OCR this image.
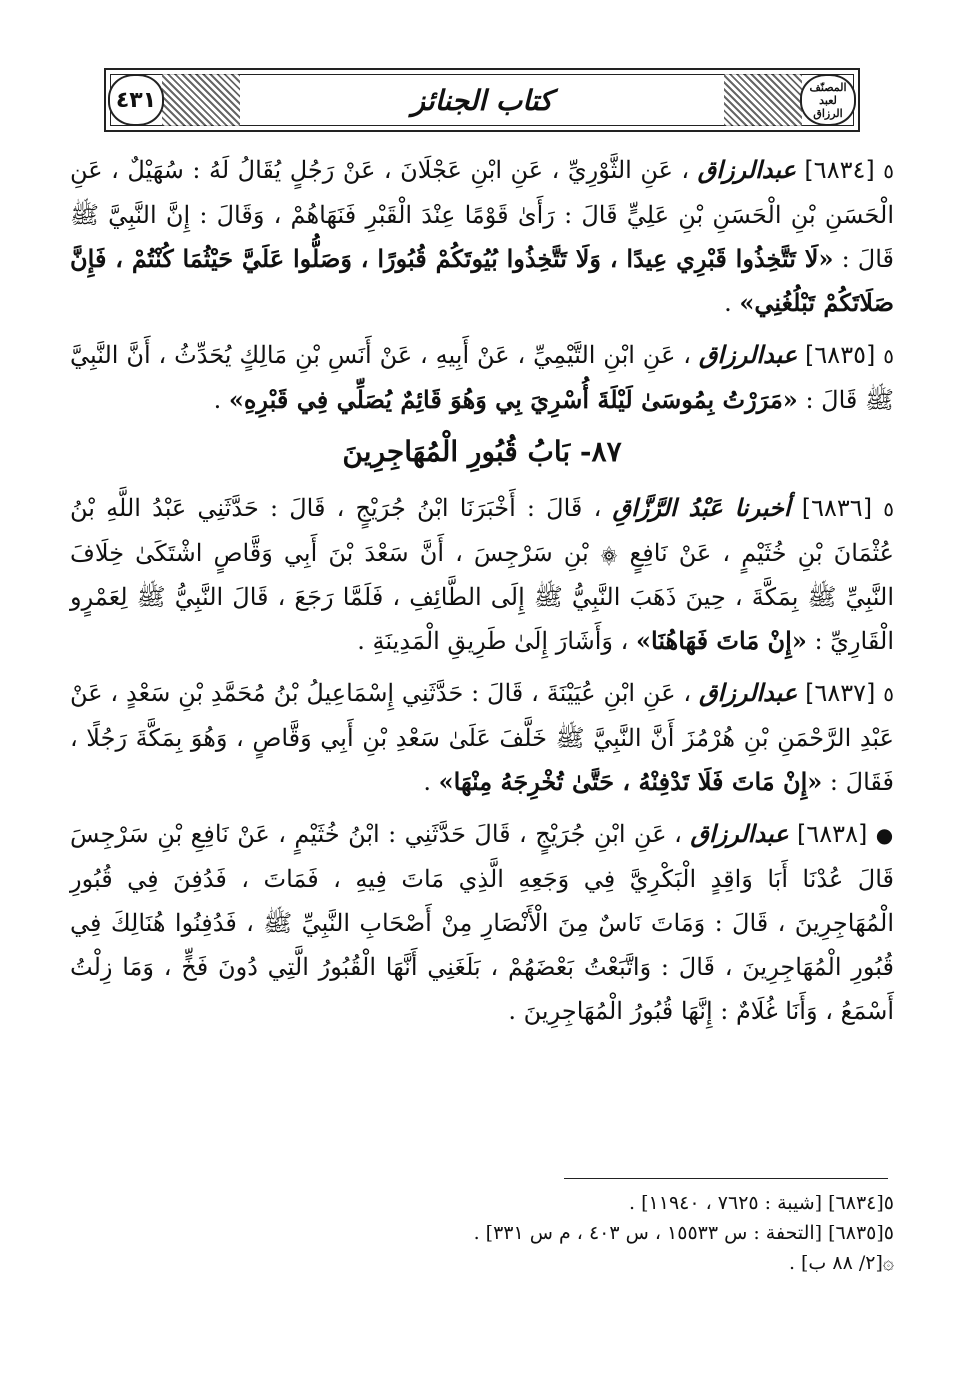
٤٣١
المصنّف لعبد الرزاق
كتاب الجنائز

٥ [٦٨٣٤] عبدالرزاق ، عَنِ الثَّوْرِيِّ ، عَنِ ابْنِ عَجْلَانَ ، عَنْ رَجُلٍ يُقَالُ لَهُ : سُهَيْلٌ ، عَنِ الْحَسَنِ بْنِ الْحَسَنِ بْنِ عَلِيٍّ قَالَ : رَأَىٰ قَوْمًا عِنْدَ الْقَبْرِ فَنَهَاهُمْ ، وَقَالَ : إِنَّ النَّبِيَّ ﷺ قَالَ : «لَا تَتَّخِذُوا قَبْرِي عِيدًا ، وَلَا تَتَّخِذُوا بُيُوتَكُمْ قُبُورًا ، وَصَلُّوا عَلَيَّ حَيْثُمَا كُنْتُمْ ، فَإِنَّ صَلَاتَكُمْ تَبْلُغُنِي» .

٥ [٦٨٣٥] عبدالرزاق ، عَنِ ابْنِ التَّيْمِيِّ ، عَنْ أَبِيهِ ، عَنْ أَنَسِ بْنِ مَالِكٍ يُحَدِّثُ ، أَنَّ النَّبِيَّ ﷺ قَالَ : «مَرَرْتُ بِمُوسَىٰ لَيْلَةَ أُسْرِيَ بِي وَهُوَ قَائِمٌ يُصَلِّي فِي قَبْرِهِ» .

٨٧- بَابُ قُبُورِ الْمُهَاجِرِينَ

٥ [٦٨٣٦] أخبرنا عَبْدُ الرَّزَّاقِ ، قَالَ : أَخْبَرَنَا ابْنُ جُرَيْجٍ ، قَالَ : حَدَّثَنِي عَبْدُ اللَّهِ بْنُ عُثْمَانَ بْنِ خُثَيْمٍ ، عَنْ نَافِعٍ ۞ بْنِ سَرْجِسَ ، أَنَّ سَعْدَ بْنَ أَبِي وَقَّاصٍ اشْتَكَىٰ خِلَافَ النَّبِيِّ ﷺ بِمَكَّةَ ، حِينَ ذَهَبَ النَّبِيُّ ﷺ إِلَى الطَّائِفِ ، فَلَمَّا رَجَعَ ، قَالَ النَّبِيُّ ﷺ لِعَمْرٍو الْقَارِيِّ : «إِنْ مَاتَ فَهَاهُنَا» ، وَأَشَارَ إِلَىٰ طَرِيقِ الْمَدِينَةِ .

٥ [٦٨٣٧] عبدالرزاق ، عَنِ ابْنِ عُيَيْنَةَ ، قَالَ : حَدَّثَنِي إِسْمَاعِيلُ بْنُ مُحَمَّدِ بْنِ سَعْدٍ ، عَنْ عَبْدِ الرَّحْمَنِ بْنِ هُرْمُزَ أَنَّ النَّبِيَّ ﷺ خَلَّفَ عَلَىٰ سَعْدِ بْنِ أَبِي وَقَّاصٍ ، وَهُوَ بِمَكَّةَ رَجُلًا ، فَقَالَ : «إِنْ مَاتَ فَلَا تَدْفِنْهُ ، حَتَّىٰ تُخْرِجَهُ مِنْهَا» .

● [٦٨٣٨] عبدالرزاق ، عَنِ ابْنِ جُرَيْجٍ ، قَالَ حَدَّثَنِي : ابْنُ خُثَيْمٍ ، عَنْ نَافِعِ بْنِ سَرْجِسَ قَالَ عُدْنَا أَبَا وَاقِدٍ الْبَكْرِيَّ فِي وَجَعِهِ الَّذِي مَاتَ فِيهِ ، فَمَاتَ ، فَدُفِنَ فِي قُبُورِ الْمُهَاجِرِينَ ، قَالَ : وَمَاتَ نَاسٌ مِنَ الْأَنْصَارِ مِنْ أَصْحَابِ النَّبِيِّ ﷺ ، فَدُفِنُوا هُنَالِكَ فِي قُبُورِ الْمُهَاجِرِينَ ، قَالَ : وَاتَّبَعْتُ بَعْضَهُمْ ، بَلَغَنِي أَنَّهَا الْقُبُورُ الَّتِي دُونَ فَخٍّ ، وَمَا زِلْتُ أَسْمَعُ ، وَأَنَا غُلَامٌ : إِنَّهَا قُبُورُ الْمُهَاجِرِينَ .

٥[٦٨٣٤] [شيبة : ٧٦٢٥ ، ١١٩٤٠] .
٥[٦٨٣٥] [التحفة : س ١٥٥٣٣ ، س ٤٠٣ ، م س ٣٣١] .
۞[٢/ ٨٨ ب] .
